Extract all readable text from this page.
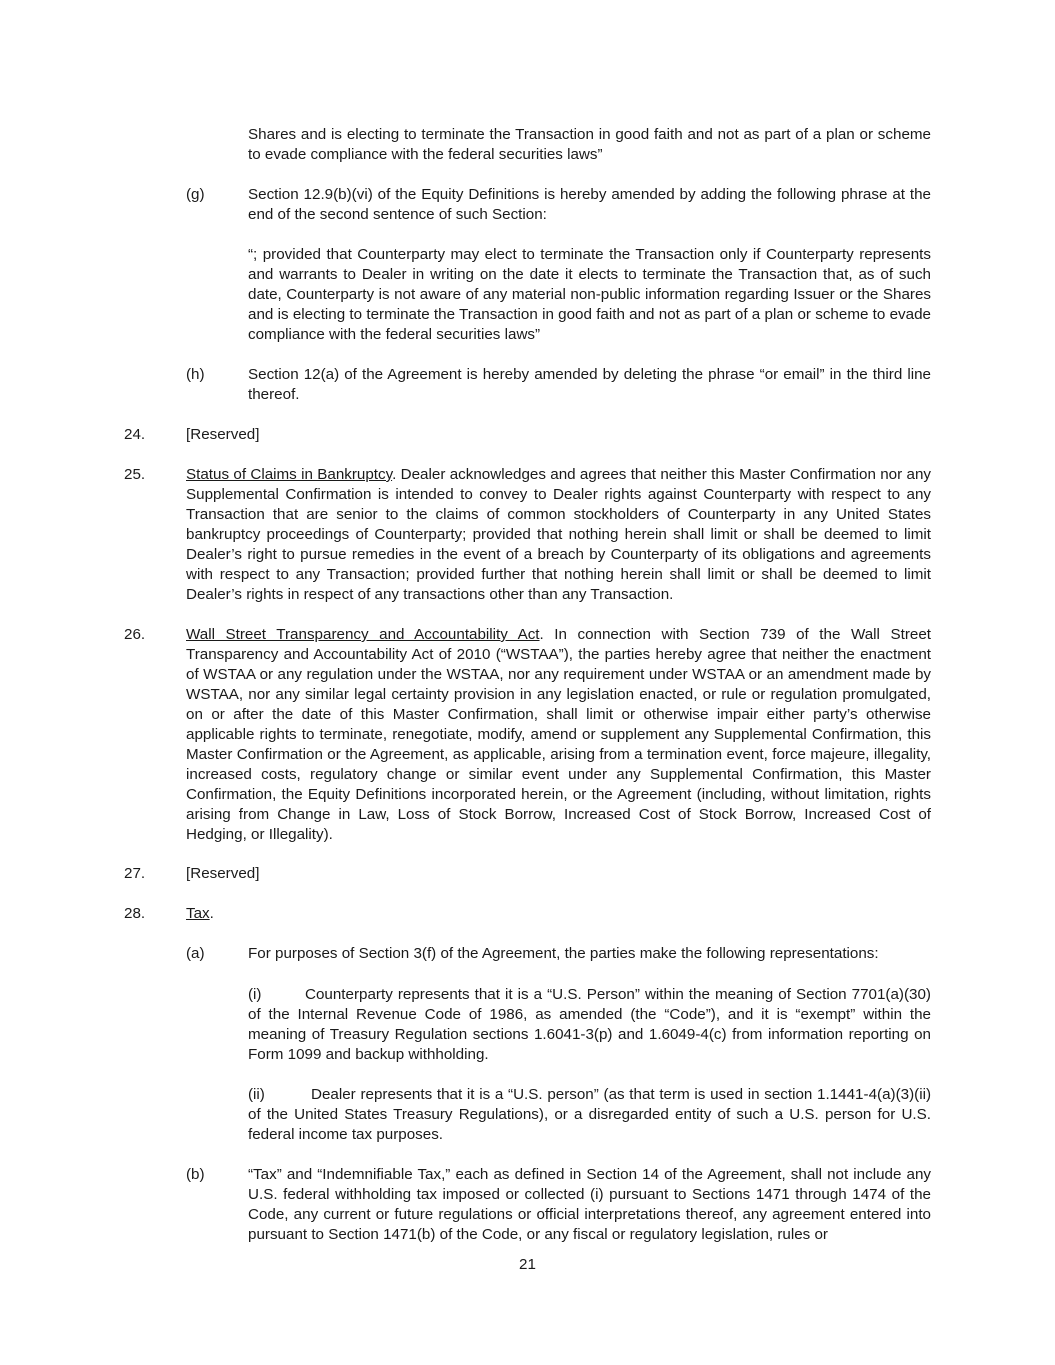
Shares and is electing to terminate the Transaction in good faith and not as part of a plan or scheme to evade compliance with the federal securities laws”
(g)	Section 12.9(b)(vi) of the Equity Definitions is hereby amended by adding the following phrase at the end of the second sentence of such Section:
“; provided that Counterparty may elect to terminate the Transaction only if Counterparty represents and warrants to Dealer in writing on the date it elects to terminate the Transaction that, as of such date, Counterparty is not aware of any material non-public information regarding Issuer or the Shares and is electing to terminate the Transaction in good faith and not as part of a plan or scheme to evade compliance with the federal securities laws”
(h)	Section 12(a) of the Agreement is hereby amended by deleting the phrase “or email” in the third line thereof.
24.	[Reserved]
25.	Status of Claims in Bankruptcy. Dealer acknowledges and agrees that neither this Master Confirmation nor any Supplemental Confirmation is intended to convey to Dealer rights against Counterparty with respect to any Transaction that are senior to the claims of common stockholders of Counterparty in any United States bankruptcy proceedings of Counterparty; provided that nothing herein shall limit or shall be deemed to limit Dealer’s right to pursue remedies in the event of a breach by Counterparty of its obligations and agreements with respect to any Transaction; provided further that nothing herein shall limit or shall be deemed to limit Dealer’s rights in respect of any transactions other than any Transaction.
26.	Wall Street Transparency and Accountability Act. In connection with Section 739 of the Wall Street Transparency and Accountability Act of 2010 (“WSTAA”), the parties hereby agree that neither the enactment of WSTAA or any regulation under the WSTAA, nor any requirement under WSTAA or an amendment made by WSTAA, nor any similar legal certainty provision in any legislation enacted, or rule or regulation promulgated, on or after the date of this Master Confirmation, shall limit or otherwise impair either party’s otherwise applicable rights to terminate, renegotiate, modify, amend or supplement any Supplemental Confirmation, this Master Confirmation or the Agreement, as applicable, arising from a termination event, force majeure, illegality, increased costs, regulatory change or similar event under any Supplemental Confirmation, this Master Confirmation, the Equity Definitions incorporated herein, or the Agreement (including, without limitation, rights arising from Change in Law, Loss of Stock Borrow, Increased Cost of Stock Borrow, Increased Cost of Hedging, or Illegality).
27.	[Reserved]
28.	Tax.
(a)	For purposes of Section 3(f) of the Agreement, the parties make the following representations:
(i)	Counterparty represents that it is a “U.S. Person” within the meaning of Section 7701(a)(30) of the Internal Revenue Code of 1986, as amended (the “Code”), and it is “exempt” within the meaning of Treasury Regulation sections 1.6041-3(p) and 1.6049-4(c) from information reporting on Form 1099 and backup withholding.
(ii)	Dealer represents that it is a “U.S. person” (as that term is used in section 1.1441-4(a)(3)(ii) of the United States Treasury Regulations), or a disregarded entity of such a U.S. person for U.S. federal income tax purposes.
(b)	“Tax” and “Indemnifiable Tax,” each as defined in Section 14 of the Agreement, shall not include any U.S. federal withholding tax imposed or collected (i) pursuant to Sections 1471 through 1474 of the Code, any current or future regulations or official interpretations thereof, any agreement entered into pursuant to Section 1471(b) of the Code, or any fiscal or regulatory legislation, rules or
21
